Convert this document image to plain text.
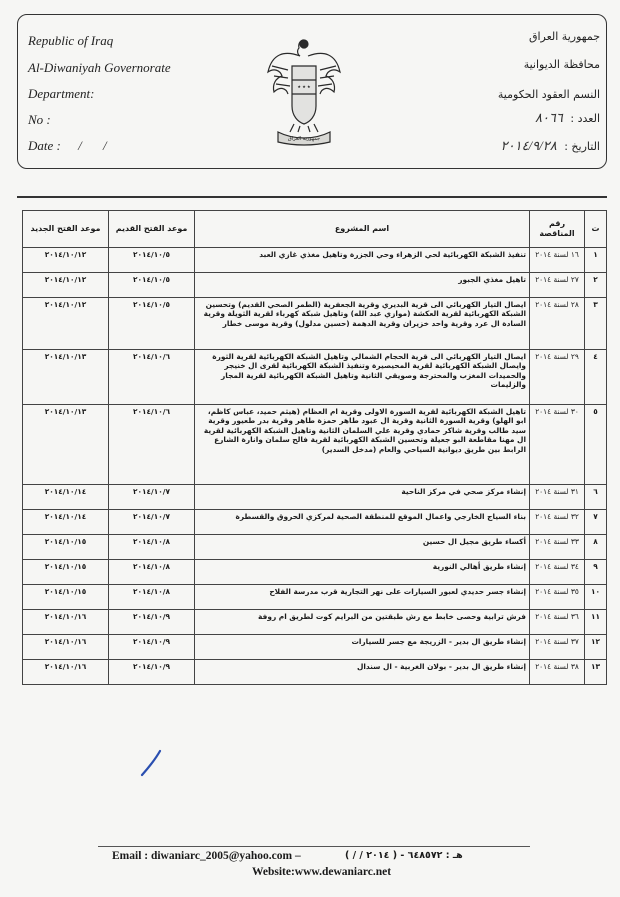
Republic of Iraq
Al-Diwaniyah Governorate
Department:
No :
Date : / /
جمهورية العراق
محافظة الديوانية
النسم العقود الحكومية
العدد : ٨٠٦٦
التاريخ : ٢٠١٤/٩/٢٨
★ ★ ★
جمهورية العراق
ت	رقم المناقصة	اسم المشروع	موعد الفتح القديم	موعد الفتح الجديد
١	١٦ لسنة ٢٠١٤	تنفيذ الشبكة الكهربائية لحي الزهراء وحي الجزرة وتاهيل مغذي غازي العبد	٢٠١٤/١٠/٥	٢٠١٤/١٠/١٢
٢	٢٧ لسنة ٢٠١٤	تاهيل مغذي الجبور	٢٠١٤/١٠/٥	٢٠١٤/١٠/١٢
٣	٢٨ لسنة ٢٠١٤	ايصال التيار الكهربائي الى قرية البديري وقرية الجعفرية (الطمر الصحي القديم) وتحسين الشبكة الكهربائية لقرية العكشة (موازي عبد الله) وتاهيل شبكة كهرباء لقرية الثويلة وقرية السادة ال عرد وقرية واحد خزيران وقرية الدهمة (حسين مدلول) وقرية موسى خطار	٢٠١٤/١٠/٥	٢٠١٤/١٠/١٢
٤	٢٩ لسنة ٢٠١٤	ايصال التيار الكهربائي الى قرية الحجام الشمالي وتاهيل الشبكة الكهربائية لقرية الثورة وايصال الشبكة الكهربائية لقرية المحيصيرة وتنفيذ الشبكة الكهربائية لقرى ال خنيجر والحميدات المغزب والمحترجة وصويقي الثانية وتاهيل الشبكة الكهربائية لقرية المجار والزليمات	٢٠١٤/١٠/٦	٢٠١٤/١٠/١٣
٥	٣٠ لسنة ٢٠١٤	تاهيل الشبكة الكهربائية لقرية السورة الاولى وقرية ام العظام (هيثم حميد، عباس كاظم، ابو الهلو) وقرية السورة الثانية وقرية ال عبود طاهر حمزة طاهر وقرية بدر طعيور وقرية سيد طالب وقرية شاكر حمادي وقرية علي السلمان الثانية وتاهيل الشبكة الكهربائية لقرية ال مهنا مقاطعة البو جعيلة وتحسين الشبكة الكهربائية لقرية فالح سلمان وانارة الشارع الرابط بين طريق ديوانية السياحي والعام (مدخل السدير)	٢٠١٤/١٠/٦	٢٠١٤/١٠/١٣
٦	٣١ لسنة ٢٠١٤	إنشاء مركز صحي في مركز الناحية	٢٠١٤/١٠/٧	٢٠١٤/١٠/١٤
٧	٣٢ لسنة ٢٠١٤	بناء السياج الخارجي واعمال الموقع للمنطقة الصحية لمركزي الحروق والقسطرة	٢٠١٤/١٠/٧	٢٠١٤/١٠/١٤
٨	٣٣ لسنة ٢٠١٤	أكساء طريق مجيل ال حسين	٢٠١٤/١٠/٨	٢٠١٤/١٠/١٥
٩	٣٤ لسنة ٢٠١٤	إنشاء طريق أهالي النورية	٢٠١٤/١٠/٨	٢٠١٤/١٠/١٥
١٠	٣٥ لسنة ٢٠١٤	إنشاء جسر حديدي لعبور السيارات على نهر التجارية قرب مدرسة الفلاح	٢٠١٤/١٠/٨	٢٠١٤/١٠/١٥
١١	٣٦ لسنة ٢٠١٤	فرش ترابية وحصى خابط مع رش طبقتين من البرايم كوت لطريق ام روفة	٢٠١٤/١٠/٩	٢٠١٤/١٠/١٦
١٢	٣٧ لسنة ٢٠١٤	إنشاء طريق ال بدير - الزريجة مع جسر للسيارات	٢٠١٤/١٠/٩	٢٠١٤/١٠/١٦
١٣	٣٨ لسنة ٢٠١٤	إنشاء طريق ال بدير - بولان الغربية - ال سندال	٢٠١٤/١٠/٩	٢٠١٤/١٠/١٦
Email : diwaniarc_2005@yahoo.com –	هـ : ٦٤٨٥٧٢ - ( ٢٠١٤ / / )
Website:www.dewaniarc.net
